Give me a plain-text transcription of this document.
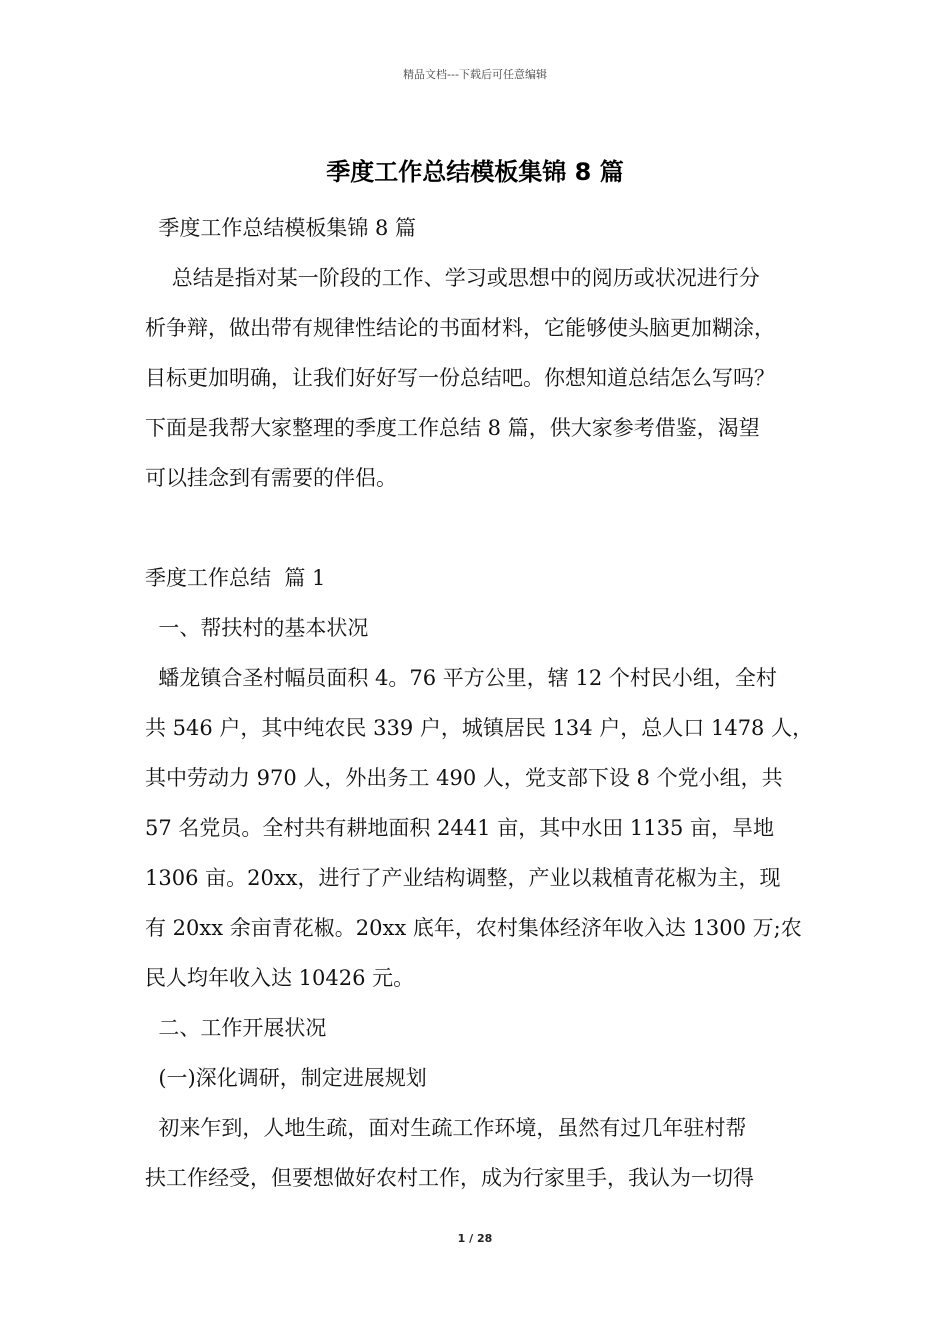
精品文档---下载后可任意编辑
季度工作总结模板集锦 8 篇
季度工作总结模板集锦 8 篇
总结是指对某一阶段的工作、学习或思想中的阅历或状况进行分
析争辩，做出带有规律性结论的书面材料，它能够使头脑更加糊涂，
目标更加明确，让我们好好写一份总结吧。你想知道总结怎么写吗？
下面是我帮大家整理的季度工作总结 8 篇，供大家参考借鉴，渴望
可以挂念到有需要的伴侣。
季度工作总结  篇 1
一、帮扶村的基本状况
蟠龙镇合圣村幅员面积 4。76 平方公里，辖 12 个村民小组，全村
共 546 户，其中纯农民 339 户，城镇居民 134 户，总人口 1478 人，
其中劳动力 970 人，外出务工 490 人，党支部下设 8 个党小组，共
57 名党员。全村共有耕地面积 2441 亩，其中水田 1135 亩，旱地
1306 亩。20xx，进行了产业结构调整，产业以栽植青花椒为主，现
有 20xx 余亩青花椒。20xx 底年，农村集体经济年收入达 1300 万;农
民人均年收入达 10426 元。
二、工作开展状况
(一)深化调研，制定进展规划
初来乍到，人地生疏，面对生疏工作环境，虽然有过几年驻村帮
扶工作经受，但要想做好农村工作，成为行家里手，我认为一切得
1 / 28
